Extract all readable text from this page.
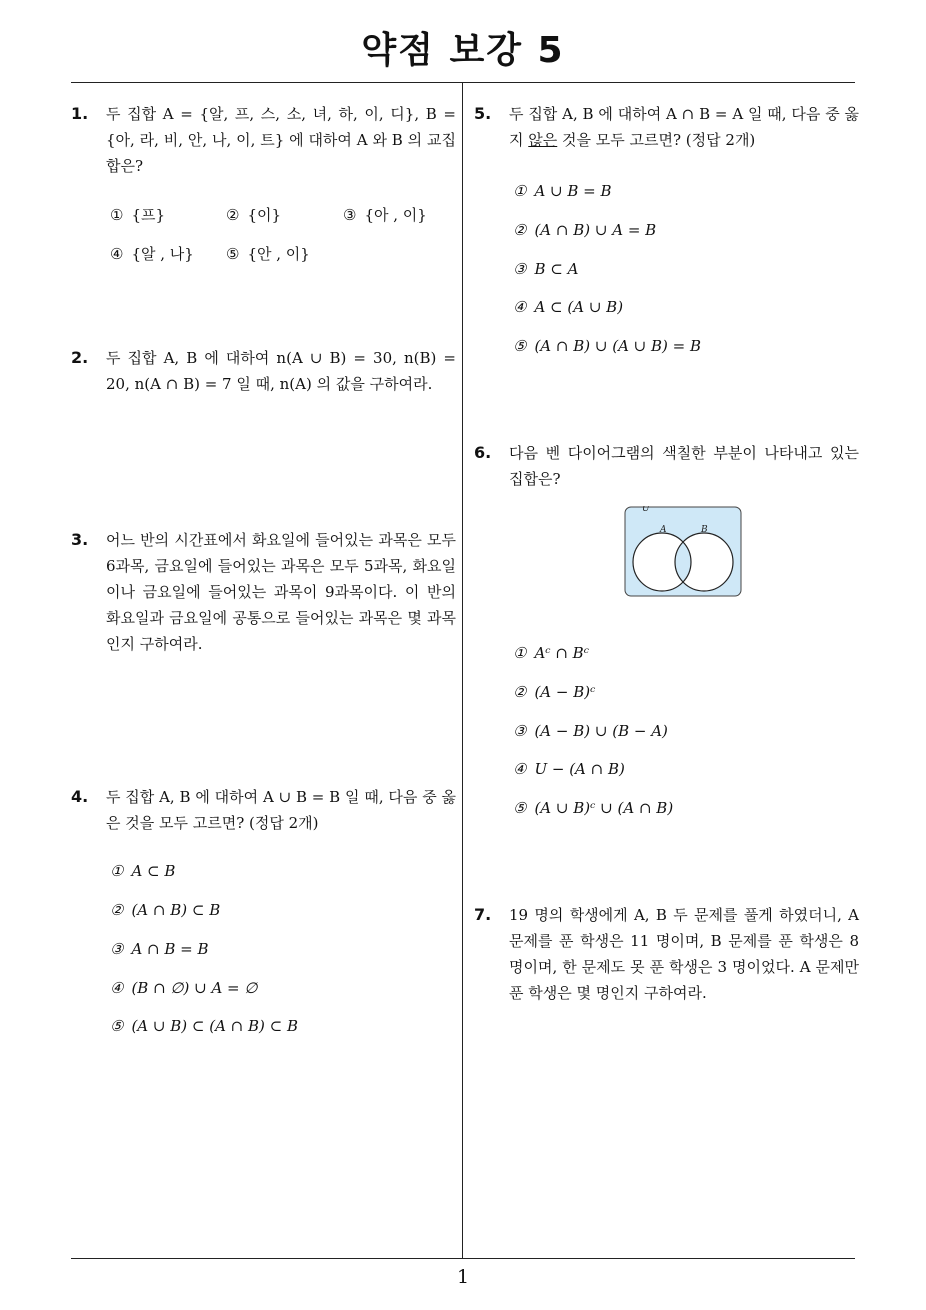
약점 보강 5
1
1. 두 집합 A = {알, 프, 스, 소, 녀, 하, 이, 디}, B = {아, 라, 비, 안, 나, 이, 트} 에 대하여 A 와 B 의 교집합은?
① {프}	② {이}	③ {아 , 이}
④ {알 , 나} ⑤ {안 , 이}
2. 두 집합 A, B 에 대하여 n(A ∪ B) = 30, n(B) = 20, n(A ∩ B) = 7 일 때, n(A) 의 값을 구하여라.
3. 어느 반의 시간표에서 화요일에 들어있는 과목은 모두 6과목, 금요일에 들어있는 과목은 모두 5과목, 화요일이나 금요일에 들어있는 과목이 9과목이다. 이 반의 화요일과 금요일에 공통으로 들어있는 과목은 몇 과목인지 구하여라.
4. 두 집합 A, B 에 대하여 A ∪ B = B 일 때, 다음 중 옳은 것을 모두 고르면? (정답 2개)
① A ⊂ B
② (A ∩ B) ⊂ B
③ A ∩ B = B
④ (B ∩ ∅) ∪ A = ∅
⑤ (A ∪ B) ⊂ (A ∩ B) ⊂ B
5. 두 집합 A, B 에 대하여 A ∩ B = A 일 때, 다음 중 옳지 않은 것을 모두 고르면? (정답 2개)
① A ∪ B = B
② (A ∩ B) ∪ A = B
③ B ⊂ A
④ A ⊂ (A ∪ B)
⑤ (A ∩ B) ∪ (A ∪ B) = B
6. 다음 벤 다이어그램의 색칠한 부분이 나타내고 있는 집합은?
U
A	B
① Aᶜ ∩ Bᶜ
② (A − B)ᶜ
③ (A − B) ∪ (B − A)
④ U − (A ∩ B)
⑤ (A ∪ B)ᶜ ∪ (A ∩ B)
7. 19 명의 학생에게 A, B 두 문제를 풀게 하였더니, A 문제를 푼 학생은 11 명이며, B 문제를 푼 학생은 8 명이며, 한 문제도 못 푼 학생은 3 명이었다. A 문제만 푼 학생은 몇 명인지 구하여라.
